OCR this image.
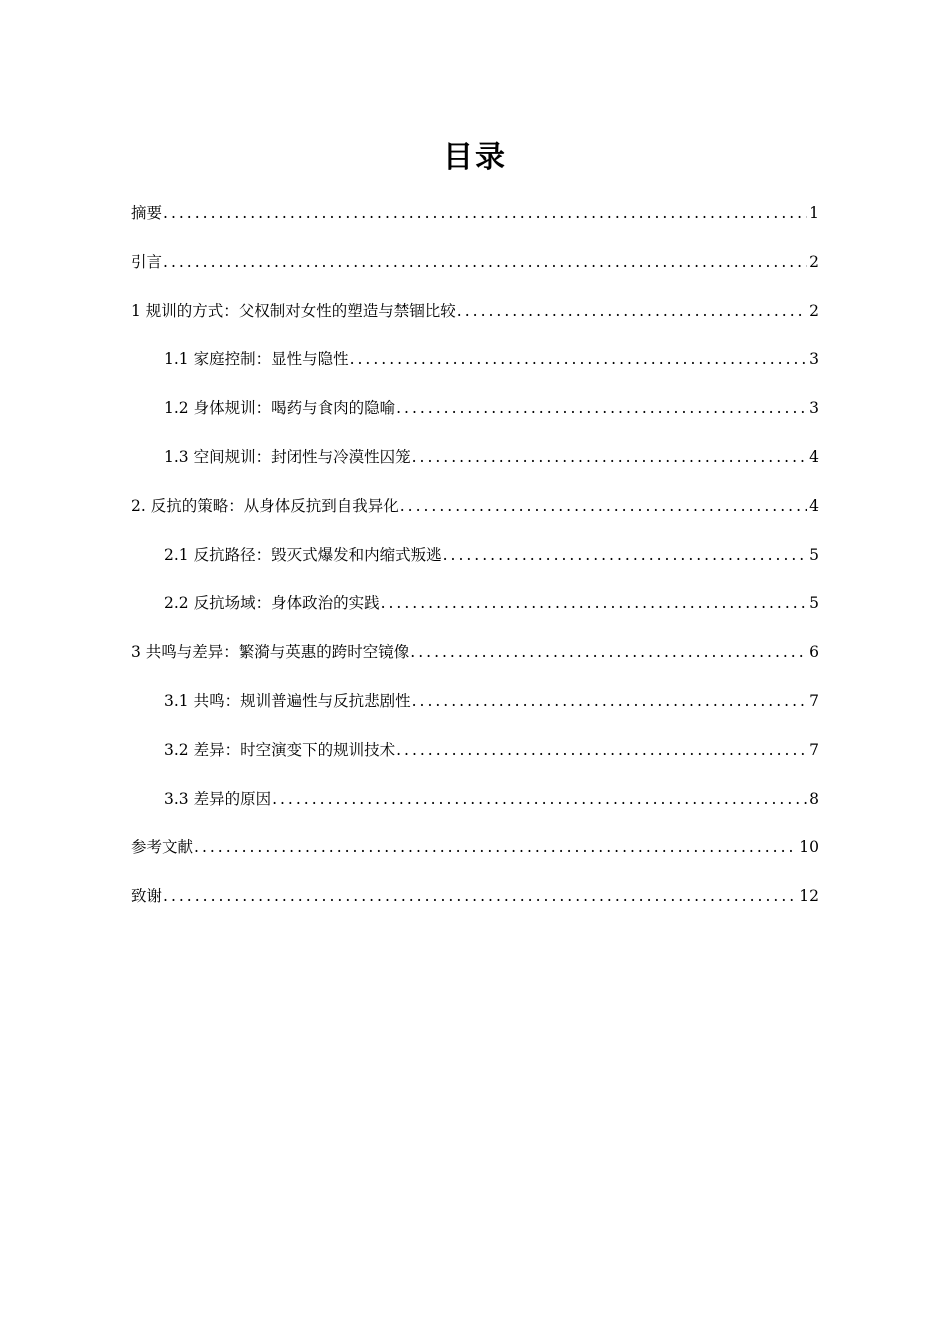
目录
摘要 .....	1
引言 .....	2
1 规训的方式：父权制对女性的塑造与禁锢比较 .....	2
1.1 家庭控制：显性与隐性 .....	3
1.2 身体规训：喝药与食肉的隐喻 .....	3
1.3 空间规训：封闭性与冷漠性囚笼 .....	4
2. 反抗的策略：从身体反抗到自我异化 .....	4
2.1 反抗路径：毁灭式爆发和内缩式叛逃 .....	5
2.2 反抗场域：身体政治的实践 .....	5
3 共鸣与差异：繁漪与英惠的跨时空镜像 .....	6
3.1 共鸣：规训普遍性与反抗悲剧性 .....	7
3.2 差异：时空演变下的规训技术 .....	7
3.3 差异的原因 .....	8
参考文献 .....	10
致谢 .....	12
